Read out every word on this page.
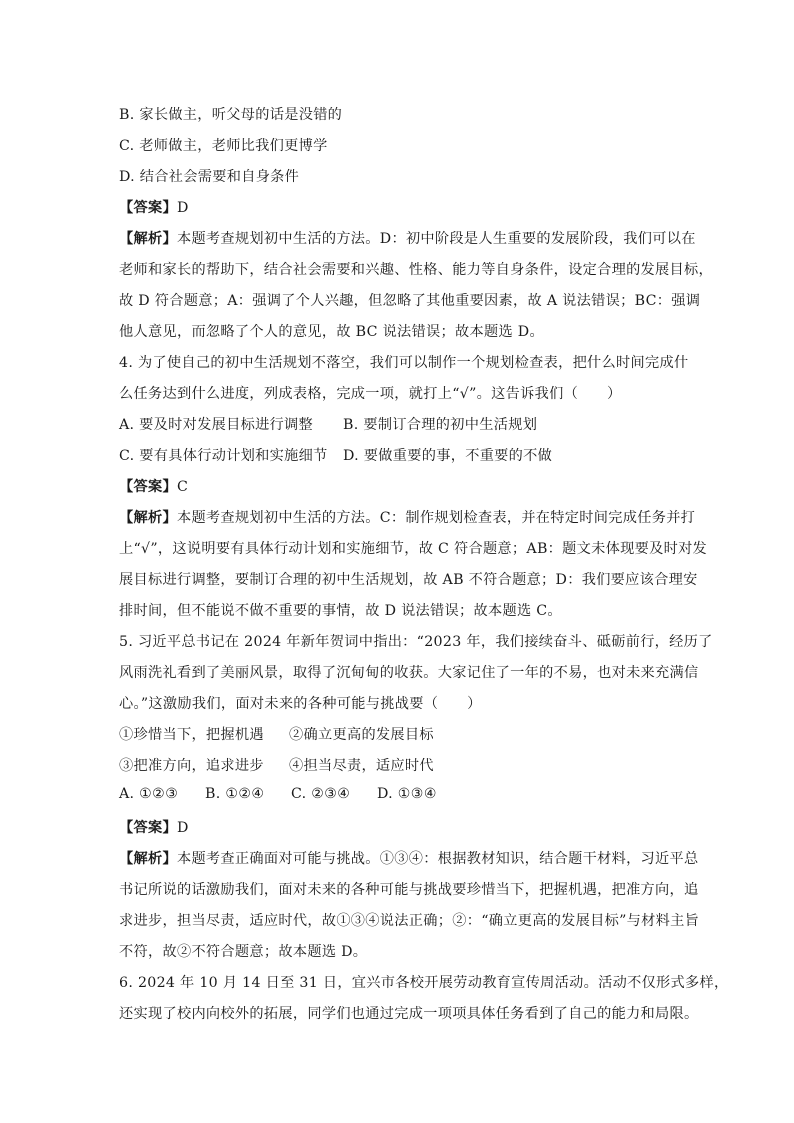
B. 家长做主，听父母的话是没错的
C. 老师做主，老师比我们更博学
D. 结合社会需要和自身条件
【答案】D
【解析】本题考查规划初中生活的方法。D：初中阶段是人生重要的发展阶段，我们可以在
老师和家长的帮助下，结合社会需要和兴趣、性格、能力等自身条件，设定合理的发展目标，
故 D 符合题意；A：强调了个人兴趣，但忽略了其他重要因素，故 A 说法错误；BC：强调
他人意见，而忽略了个人的意见，故 BC 说法错误；故本题选 D。
4. 为了使自己的初中生活规划不落空，我们可以制作一个规划检查表，把什么时间完成什
么任务达到什么进度，列成表格，完成一项，就打上“√”。这告诉我们（　　）
A. 要及时对发展目标进行调整 B. 要制订合理的初中生活规划
C. 要有具体行动计划和实施细节 D. 要做重要的事，不重要的不做
【答案】C
【解析】本题考查规划初中生活的方法。C：制作规划检查表，并在特定时间完成任务并打
上“√”，这说明要有具体行动计划和实施细节，故 C 符合题意；AB：题文未体现要及时对发
展目标进行调整，要制订合理的初中生活规划，故 AB 不符合题意；D：我们要应该合理安
排时间，但不能说不做不重要的事情，故 D 说法错误；故本题选 C。
5. 习近平总书记在 2024 年新年贺词中指出：“2023 年，我们接续奋斗、砥砺前行，经历了
风雨洗礼看到了美丽风景，取得了沉甸甸的收获。大家记住了一年的不易，也对未来充满信
心。”这激励我们，面对未来的各种可能与挑战要（　　）
①珍惜当下，把握机遇 ②确立更高的发展目标
③把准方向，追求进步 ④担当尽责，适应时代
A. ①②③ B. ①②④ C. ②③④ D. ①③④
【答案】D
【解析】本题考查正确面对可能与挑战。①③④：根据教材知识，结合题干材料，习近平总
书记所说的话激励我们，面对未来的各种可能与挑战要珍惜当下，把握机遇，把准方向，追
求进步，担当尽责，适应时代，故①③④说法正确；②：“确立更高的发展目标”与材料主旨
不符，故②不符合题意；故本题选 D。
6. 2024 年 10 月 14 日至 31 日，宜兴市各校开展劳动教育宣传周活动。活动不仅形式多样，
还实现了校内向校外的拓展，同学们也通过完成一项项具体任务看到了自己的能力和局限。
